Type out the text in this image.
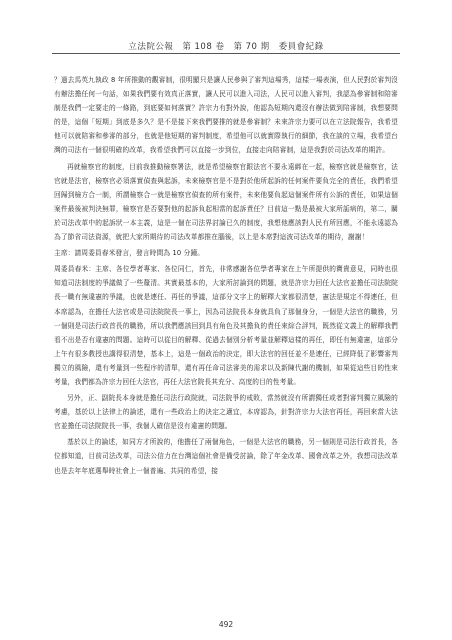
立法院公報　第 108 卷　第 70 期　委員會紀錄

？過去馬英九執政 8 年所推動的觀審制，很明顯只是讓人民參與了審判這場秀，這樣一場表演，但人民對於審判沒有辦法擔任何一句話，如果我們要有效真正落實，讓人民可以進入司法，人民可以進入審判，我認為參審制和陪審制是我們一定要走的一條路，到底要如何落實？許宗力有對外說，他認為短期內還沒有辦法做到陪審制，我想要問的是，這個「短期」到底是多久？是不是接下來我們要推的就是參審制？未來許宗力要可以在立法院報告，我希望他可以就陪審和參審的部分，也就是他短期的審判制度，希望他可以就實際執行的細節，我在談的立場，我希望台灣的司法有一個很明確的改革，我希望我們可以直接一步到位，直接走向陪審制，這是我對於司法改革的期許。

再就檢察官的制度，目前我推動檢察署法，就是希望檢察官跟法官不要永遠綁在一起，檢察官就是檢察官，法官就是法官，檢察官必須落實偵查與起訴，未來檢察官是不是對於他所起訴的任何案件要負完全的責任，我們希望回歸到檢方合一制，所謂檢察合一就是檢察官偵查的所有案件，未來他要負起這個案件所有公訴的責任，如果這個案件最後被判決無罪，檢察官是否要對他的起訴負起相當的起訴責任？目前這一點是最被大家所詬病的，第二，關於司法改革中的起訴狀一本主義，這是一個在司法界討論已久的制度，我想他應該對人民有所回應，不能永遠認為為了節省司法資源，就把大家所期待的司法改革都推在腦後，以上是本席對這波司法改革的期待，謝謝！

主席：請周委員春米發言，發言時間為 10 分鐘。

周委員春米：主席、各位學者專家、各位同仁，首先，非常感謝各位學者專家在上午所提供的寶貴意見，同時也很知道司法制度的爭議做了一些釐清。其實最基本的，大家所討論到的問題，就是許宗力回任大法官並擔任司法院院長一職有無違憲的爭議，也就是連任、再任的爭議，這部分文字上的解釋大家都很清楚，憲法是規定不得連任，但本席認為，在擔任大法官或是司法院院長一事上，因為司法院長本身就具負了那個身分，一個是大法官的職務，另一個則是司法行政首長的職務，所以我們應該回到具有角色及其擔負的責任來綜合評判，既然從文義上的解釋我們看不出是否有違憲的問題。這時可以從目的解釋、從過去個別分析考量並解釋這樣的再任，即任有無違憲，這部分上午有很多教授也講得很清楚，基本上，這是一個政治的決定，即大法官的回任並不是連任，已經降低了影響審判獨立的風險，還有考量到一些程序的清單，還有再任命司法審美的需求以及新陳代謝的機制，如果從這些目的性來考量，我們都為許宗力回任大法官，再任大法官院長其充分、高度的目的性考量。

另外，正、副院長本身就是擔任司法行政院就，司法院爭的戒敗，當然就沒有所謂獨任或者對審判獨立風險的考慮，基於以上法律上的論述，還有一些政治上的決定之適宜，本席認為，針對許宗力大法官再任，再回來當大法官並擔任司法院院長一事，我個人確信是沒有違憲的問題。

基於以上的論述，如同方才所說的，他擔任了兩個角色，一個是大法官的職務，另一個則是司法行政首長，各位都知道，目前司法改革，司法公信力在台灣這個社會是備受討論，除了年金改革、國會改革之外，我想司法改革也是去年年底選舉時社會上一個普遍、共同的希望，接

492
